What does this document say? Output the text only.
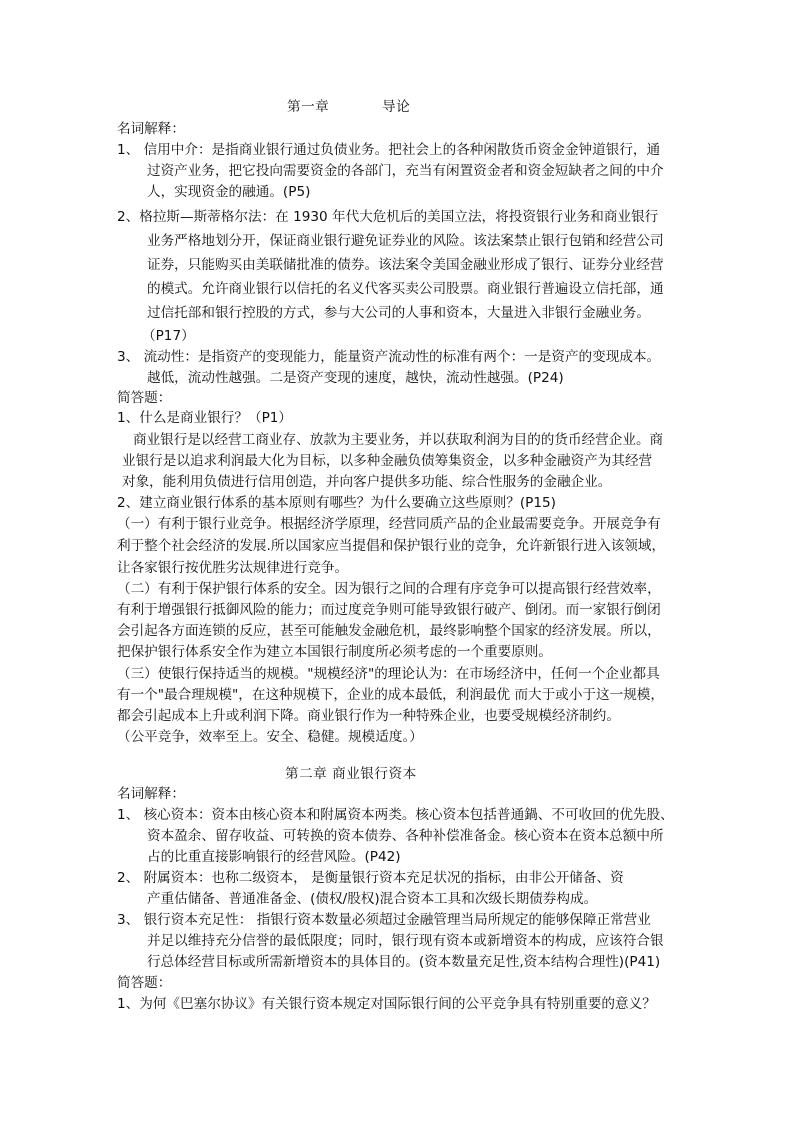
第一章	导论
名词解释：
1、 信用中介：是指商业银行通过负债业务。把社会上的各种闲散货币资金金钟道银行，通
过资产业务，把它投向需要资金的各部门，充当有闲置资金者和资金短缺者之间的中介
人，实现资金的融通。(P5)
2、格拉斯—斯蒂格尔法：在 1930 年代大危机后的美国立法，将投资银行业务和商业银行
业务严格地划分开，保证商业银行避免证券业的风险。该法案禁止银行包销和经营公司
证券，只能购买由美联储批准的债券。该法案令美国金融业形成了银行、证券分业经营
的模式。允许商业银行以信托的名义代客买卖公司股票。商业银行普遍设立信托部，通
过信托部和银行控股的方式，参与大公司的人事和资本，大量进入非银行金融业务。
（P17）
3、 流动性：是指资产的变现能力，能量资产流动性的标准有两个：一是资产的变现成本。
越低，流动性越强。二是资产变现的速度，越快，流动性越强。(P24)
简答题：
1、什么是商业银行？（P1）
商业银行是以经营工商业存、放款为主要业务，并以获取利润为目的的货币经营企业。商
业银行是以追求利润最大化为目标，以多种金融负债筹集资金，以多种金融资产为其经营
对象，能利用负债进行信用创造，并向客户提供多功能、综合性服务的金融企业。
2、建立商业银行体系的基本原则有哪些？为什么要确立这些原则？(P15)
（一）有利于银行业竞争。根据经济学原理，经营同质产品的企业最需要竞争。开展竞争有
利于整个社会经济的发展.所以国家应当提倡和保护银行业的竞争，允许新银行进入该领域，
让各家银行按优胜劣汰规律进行竞争。
（二）有利于保护银行体系的安全。因为银行之间的合理有序竞争可以提高银行经营效率，
有利于增强银行抵御风险的能力；而过度竞争则可能导致银行破产、倒闭。而一家银行倒闭
会引起各方面连锁的反应，甚至可能触发金融危机，最终影响整个国家的经济发展。所以，
把保护银行体系安全作为建立本国银行制度所必须考虑的一个重要原则。
（三）使银行保持适当的规模。"规模经济"的理论认为：在市场经济中，任何一个企业都具
有一个"最合理规模"，在这种规模下，企业的成本最低，利润最优 而大于或小于这一规模，
都会引起成本上升或利润下降。商业银行作为一种特殊企业，也要受规模经济制约。
（公平竞争，效率至上。安全、稳健。规模适度。）
第二章 商业银行资本
名词解释：
1、 核心资本：资本由核心资本和附属资本两类。核心资本包括普通鍋、不可收回的优先股、
资本盈余、留存收益、可转换的资本债券、各种补偿准备金。核心资本在资本总额中所
占的比重直接影响银行的经营风险。(P42)
2、 附属资本：也称二级资本， 是衡量银行资本充足状况的指标，由非公开储备、资
产重估储备、普通准备金、(债权/股权)混合资本工具和次级长期债券构成。
3、 银行资本充足性： 指银行资本数量必须超过金融管理当局所规定的能够保障正常营业
并足以维持充分信誉的最低限度；同时，银行现有资本或新增资本的构成，应该符合银
行总体经营目标或所需新增资本的具体目的。(资本数量充足性,资本结构合理性)(P41)
简答题：
1、为何《巴塞尔协议》有关银行资本规定对国际银行间的公平竞争具有特别重要的意义？
